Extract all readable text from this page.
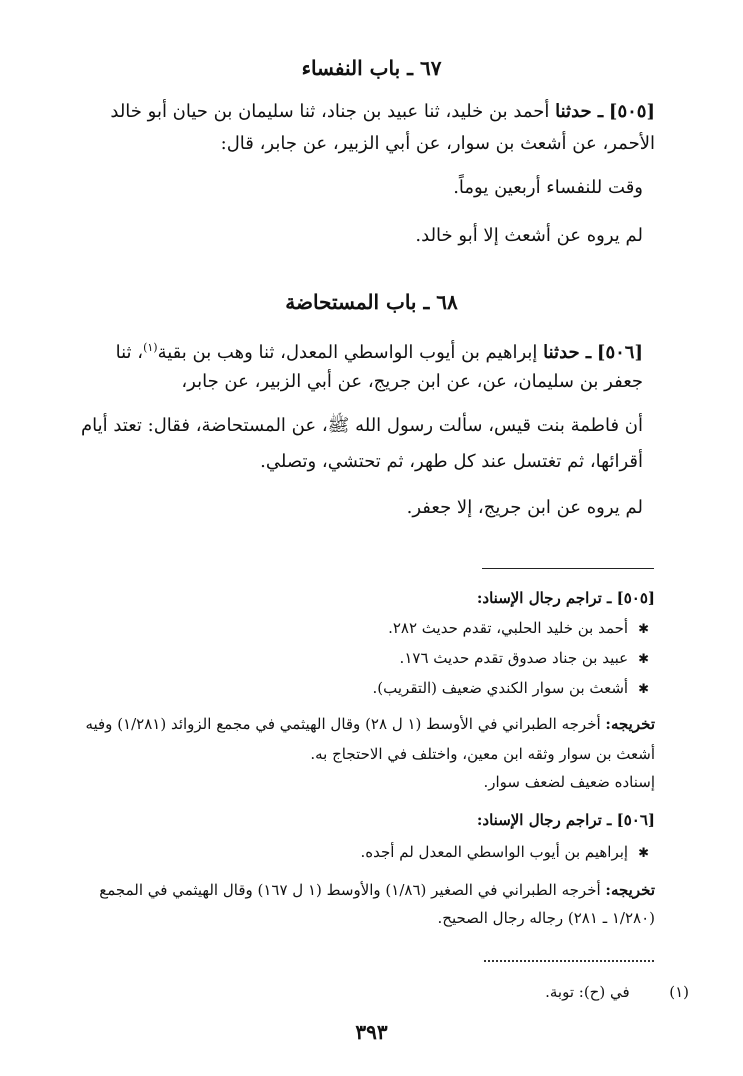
٦٧ ـ باب النفساء
[٥٠٥] ـ حدثنا أحمد بن خليد، ثنا عبيد بن جناد، ثنا سليمان بن حيان أبو خالد
الأحمر، عن أشعث بن سوار، عن أبي الزبير، عن جابر، قال:
وقت للنفساء أربعين يوماً.
لم يروه عن أشعث إلا أبو خالد.
٦٨ ـ باب المستحاضة
[٥٠٦] ـ حدثنا إبراهيم بن أيوب الواسطي المعدل، ثنا وهب بن بقية$^{(١)}$، ثنا
جعفر بن سليمان، عن، عن ابن جريج، عن أبي الزبير، عن جابر،
أن فاطمة بنت قيس، سألت رسول الله ﷺ، عن المستحاضة، فقال: تعتد أيام
أقرائها، ثم تغتسل عند كل طهر، ثم تحتشي، وتصلي.
لم يروه عن ابن جريج، إلا جعفر.
[٥٠٥] ـ تراجم رجال الإسناد:
✱أحمد بن خليد الحلبي، تقدم حديث ٢٨٢.
✱عبيد بن جناد صدوق تقدم حديث ١٧٦.
✱أشعث بن سوار الكندي ضعيف (التقريب).
تخريجه: أخرجه الطبراني في الأوسط (١ ل ٢٨) وقال الهيثمي في مجمع الزوائد (١/٢٨١) وفيه
أشعث بن سوار وثقه ابن معين، واختلف في الاحتجاج به.
إسناده ضعيف لضعف سوار.
[٥٠٦] ـ تراجم رجال الإسناد:
✱إبراهيم بن أيوب الواسطي المعدل لم أجده.
تخريجه: أخرجه الطبراني في الصغير (١/٨٦) والأوسط (١ ل ١٦٧) وقال الهيثمي في المجمع
(١/٢٨٠ ـ ٢٨١) رجاله رجال الصحيح.
(١)  في (ح): توبة.
٣٩٣
